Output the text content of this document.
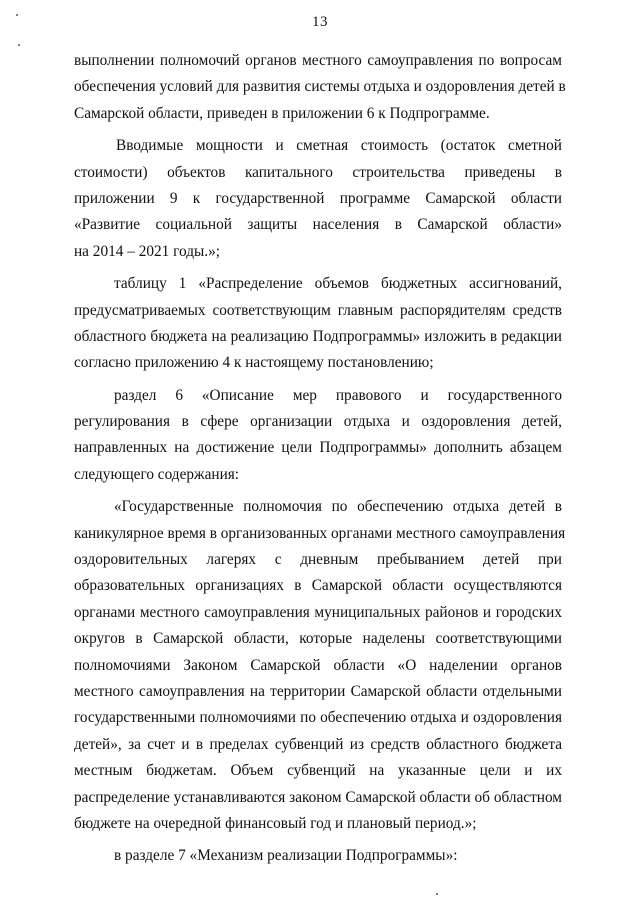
13
выполнении полномочий органов местного самоуправления по вопросам
обеспечения условий для развития системы отдыха и оздоровления детей в
Самарской области, приведен в приложении 6 к Подпрограмме.
Вводимые мощности и сметная стоимость (остаток сметной
стоимости) объектов капитального строительства приведены в
приложении 9 к государственной программе Самарской области
«Развитие социальной защиты населения в Самарской области»
на 2014 – 2021 годы.»;
таблицу 1 «Распределение объемов бюджетных ассигнований,
предусматриваемых соответствующим главным распорядителям средств
областного бюджета на реализацию Подпрограммы» изложить в редакции
согласно приложению 4 к настоящему постановлению;
раздел 6 «Описание мер правового и государственного
регулирования в сфере организации отдыха и оздоровления детей,
направленных на достижение цели Подпрограммы» дополнить абзацем
следующего содержания:
«Государственные полномочия по обеспечению отдыха детей в
каникулярное время в организованных органами местного самоуправления
оздоровительных лагерях с дневным пребыванием детей при
образовательных организациях в Самарской области осуществляются
органами местного самоуправления муниципальных районов и городских
округов в Самарской области, которые наделены соответствующими
полномочиями Законом Самарской области «О наделении органов
местного самоуправления на территории Самарской области отдельными
государственными полномочиями по обеспечению отдыха и оздоровления
детей», за счет и в пределах субвенций из средств областного бюджета
местным бюджетам. Объем субвенций на указанные цели и их
распределение устанавливаются законом Самарской области об областном
бюджете на очередной финансовый год и плановый период.»;
в разделе 7 «Механизм реализации Подпрограммы»:
